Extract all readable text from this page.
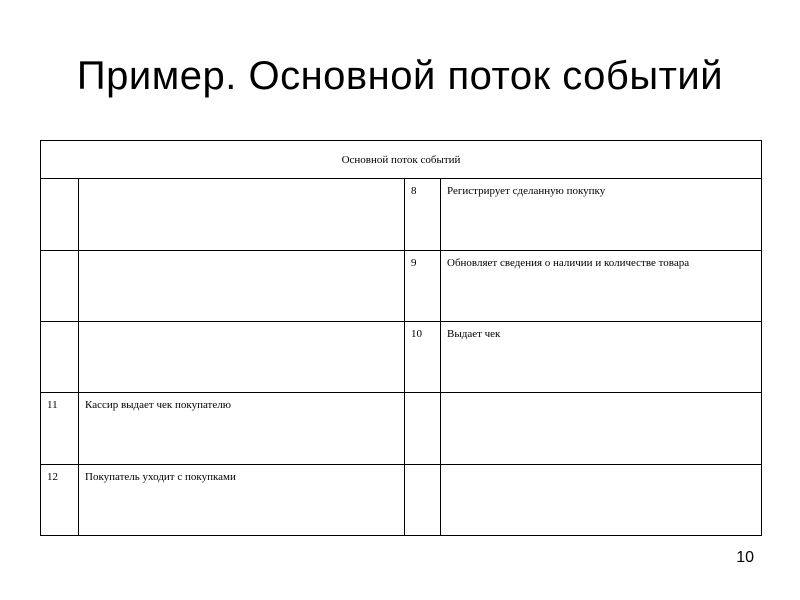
Пример. Основной поток событий
Основной поток событий			
		8	Регистрирует сделанную покупку
		9	Обновляет сведения о наличии и количестве товара
		10	Выдает чек
11	Кассир выдает чек покупателю		
12	Покупатель уходит с покупками		
10
